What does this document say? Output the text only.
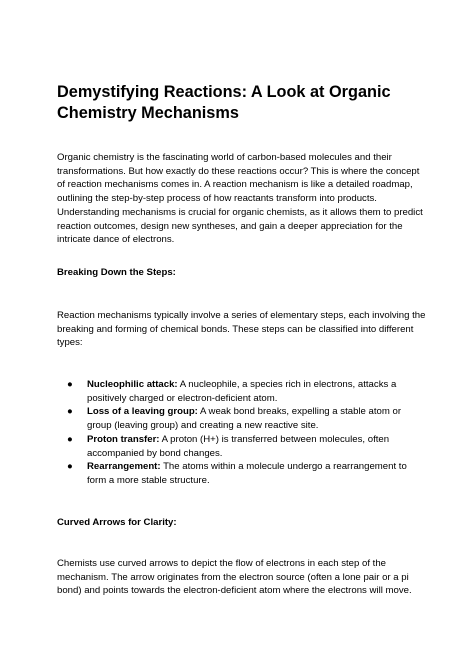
Demystifying Reactions: A Look at Organic Chemistry Mechanisms

Organic chemistry is the fascinating world of carbon-based molecules and their transformations. But how exactly do these reactions occur? This is where the concept of reaction mechanisms comes in. A reaction mechanism is like a detailed roadmap, outlining the step-by-step process of how reactants transform into products. Understanding mechanisms is crucial for organic chemists, as it allows them to predict reaction outcomes, design new syntheses, and gain a deeper appreciation for the intricate dance of electrons.

Breaking Down the Steps:

Reaction mechanisms typically involve a series of elementary steps, each involving the breaking and forming of chemical bonds. These steps can be classified into different types:

● Nucleophilic attack: A nucleophile, a species rich in electrons, attacks a positively charged or electron-deficient atom.
● Loss of a leaving group: A weak bond breaks, expelling a stable atom or group (leaving group) and creating a new reactive site.
● Proton transfer: A proton (H+) is transferred between molecules, often accompanied by bond changes.
● Rearrangement: The atoms within a molecule undergo a rearrangement to form a more stable structure.

Curved Arrows for Clarity:

Chemists use curved arrows to depict the flow of electrons in each step of the mechanism. The arrow originates from the electron source (often a lone pair or a pi bond) and points towards the electron-deficient atom where the electrons will move.
